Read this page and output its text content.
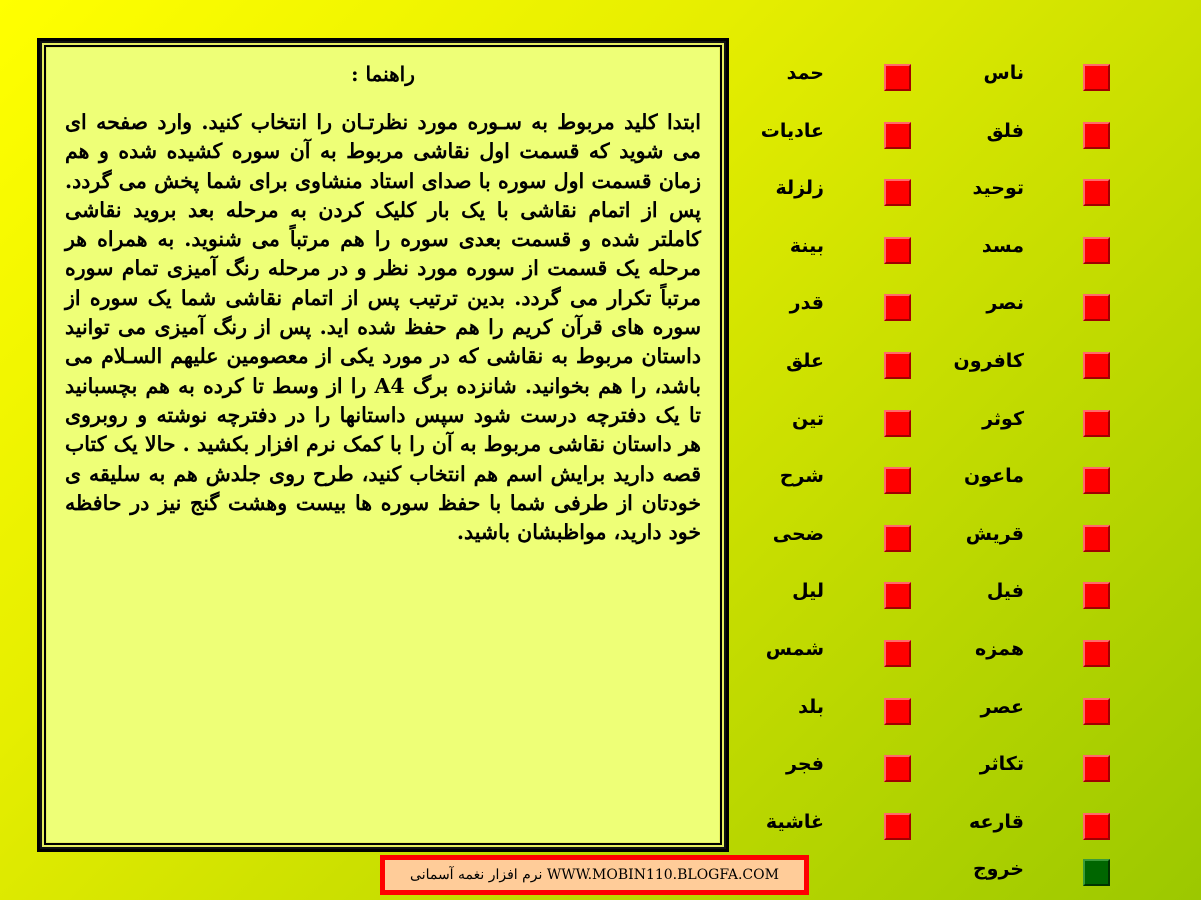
راهنما :
ابتدا کلید مربوط به سـوره مورد نظرتـان را انتخاب کنید. وارد صفحه ای می شوید که قسمت اول نقاشی مربوط به آن سوره کشیده شده و هم زمان قسمت اول سوره با صدای استاد منشاوی برای شما پخش می گردد. پس از اتمام نقاشی با یک بار کلیک کردن به مرحله بعد بروید نقاشی کاملتر شده و قسمت بعدی سوره را هم مرتباً می شنوید. به همراه هر مرحله یک قسمت از سوره مورد نظر و در مرحله رنگ آمیزی تمام سوره مرتباً تکرار می گردد. بدین ترتیب پس از اتمام نقاشی شما یک سوره از سوره های قرآن کریم را هم حفظ شده اید. پس از رنگ آمیزی می توانید داستان مربوط به نقاشی که در مورد یکی از معصومین علیهم السـلام می باشد، را هم بخوانید. شانزده برگ A4 را از وسط تا کرده به هم بچسبانید تا یک دفترچه درست شود سپس داستانها را در دفترچه نوشته و روبروی هر داستان نقاشی مربوط به آن را با کمک نرم افزار بکشید . حالا یک کتاب قصه دارید برایش اسم هم انتخاب کنید، طرح روی جلدش هم به سلیقه ی خودتان از طرفی شما با حفظ سوره ها بیست وهشت گنج نیز در حافظه خود دارید، مواظبشان باشید.
ناس
فلق
توحید
مسد
نصر
کافرون
کوثر
ماعون
قریش
فیل
همزه
عصر
تکاثر
قارعه
حمد
عادیات
زلزلة
بینة
قدر
علق
تین
شرح
ضحی
لیل
شمس
بلد
فجر
غاشیة
خروج
نرم افزار نغمه آسمانی WWW.MOBIN110.BLOGFA.COM
